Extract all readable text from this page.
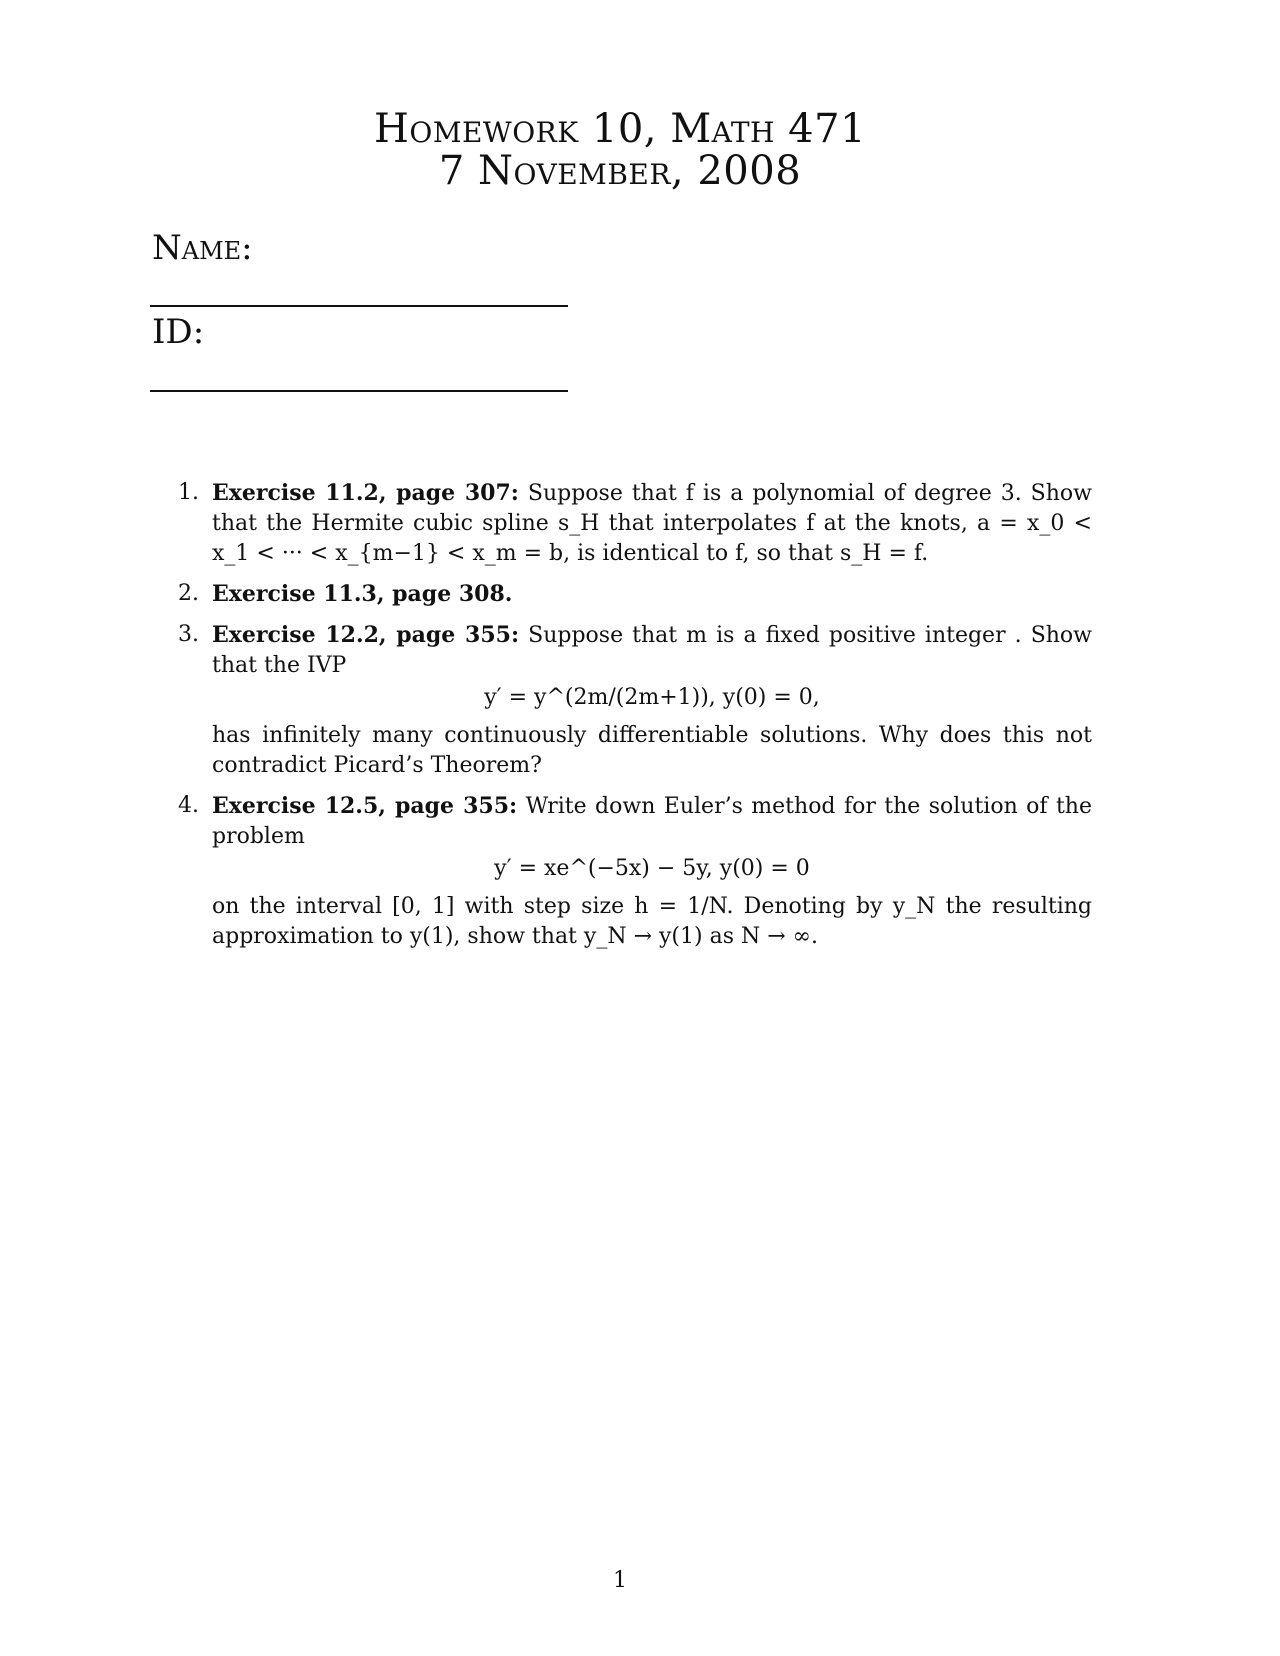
Homework 10, Math 471
7 November, 2008
Name:
ID:
1. Exercise 11.2, page 307: Suppose that f is a polynomial of degree 3. Show that the Hermite cubic spline s_H that interpolates f at the knots, a = x_0 < x_1 < ··· < x_{m−1} < x_m = b, is identical to f, so that s_H = f.
2. Exercise 11.3, page 308.
3. Exercise 12.2, page 355: Suppose that m is a fixed positive integer . Show that the IVP
y′ = y^(2m/(2m+1)), y(0) = 0,
has infinitely many continuously differentiable solutions. Why does this not contradict Picard’s Theorem?
4. Exercise 12.5, page 355: Write down Euler’s method for the solution of the problem
y′ = xe^(−5x) − 5y, y(0) = 0
on the interval [0, 1] with step size h = 1/N. Denoting by y_N the resulting approximation to y(1), show that y_N → y(1) as N → ∞.
1
